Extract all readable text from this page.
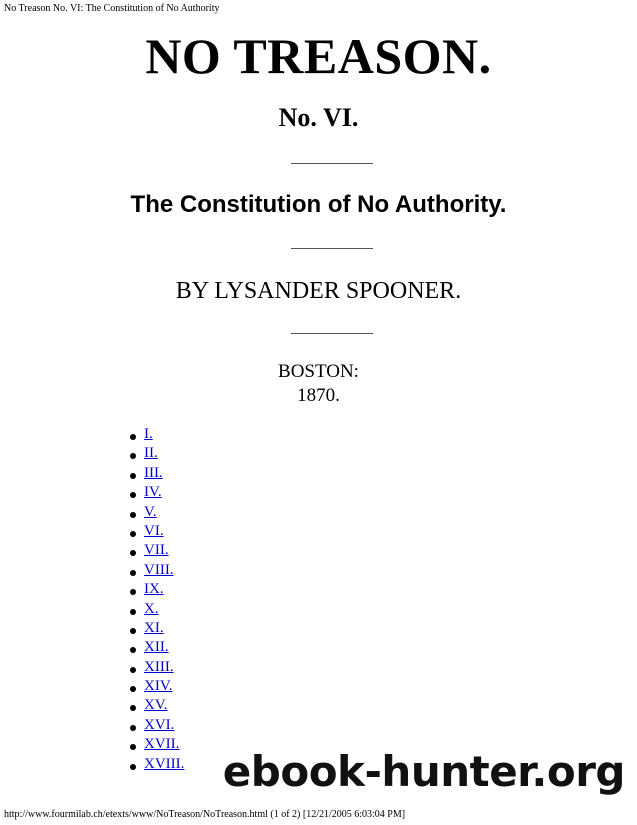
No Treason No. VI: The Constitution of No Authority
NO TREASON.
No. VI.
The Constitution of No Authority.
BY LYSANDER SPOONER.
BOSTON:
1870.
I.
II.
III.
IV.
V.
VI.
VII.
VIII.
IX.
X.
XI.
XII.
XIII.
XIV.
XV.
XVI.
XVII.
XVIII.
http://www.fourmilab.ch/etexts/www/NoTreason/NoTreason.html (1 of 2) [12/21/2005 6:03:04 PM]
ebook-hunter.org
